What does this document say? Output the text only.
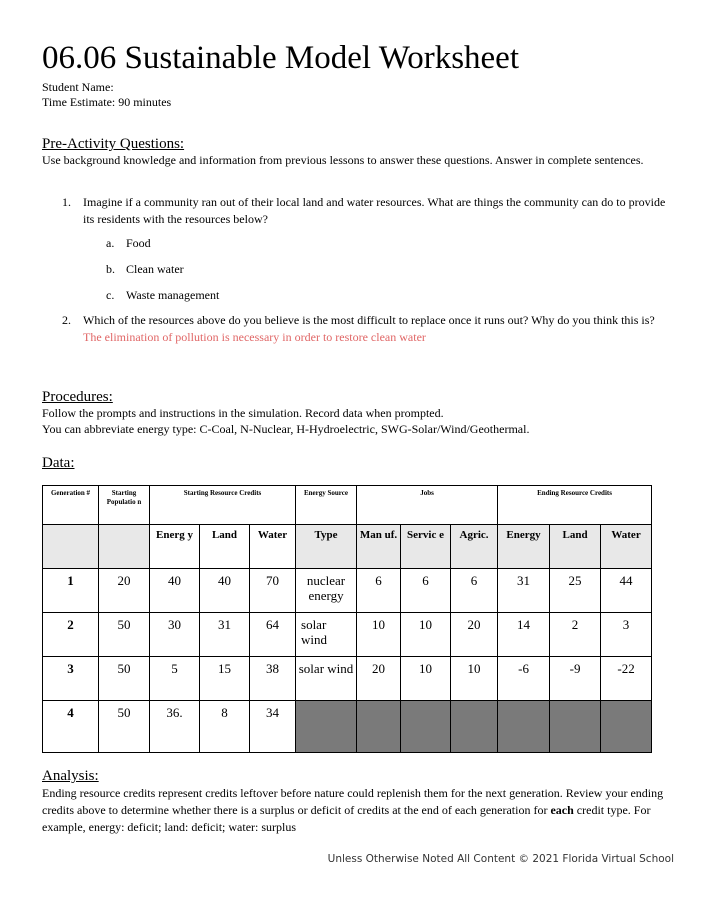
06.06 Sustainable Model Worksheet
Student Name:
Time Estimate: 90 minutes
Pre-Activity Questions:
Use background knowledge and information from previous lessons to answer these questions. Answer in complete sentences.
1. Imagine if a community ran out of their local land and water resources. What are things the community can do to provide its residents with the resources below?
a. Food
b. Clean water
c. Waste management
2. Which of the resources above do you believe is the most difficult to replace once it runs out? Why do you think this is?  The elimination of pollution is necessary in order to restore clean water
Procedures:
Follow the prompts and instructions in the simulation. Record data when prompted.
You can abbreviate energy type: C-Coal, N-Nuclear, H-Hydroelectric, SWG-Solar/Wind/Geothermal.
Data:
Generation #	Starting Populatio n	Starting Resource Credits			Energy Source	Jobs			Ending Resource Credits		
		Energ y	Land	Water	Type	Man uf.	Servic e	Agric.	Energy	Land	Water
1	20	40	40	70	nuclear energy	6	6	6	31	25	44
2	50	30	31	64	solar wind	10	10	20	14	2	3
3	50	5	15	38	solar wind	20	10	10	-6	-9	-22
4	50	36.	8	34							
Analysis:
Ending resource credits represent credits leftover before nature could replenish them for the next generation. Review your ending credits above to determine whether there is a surplus or deficit of credits at the end of each generation for each credit type. For example, energy: deficit; land: deficit; water: surplus
Unless Otherwise Noted All Content © 2021 Florida Virtual School
